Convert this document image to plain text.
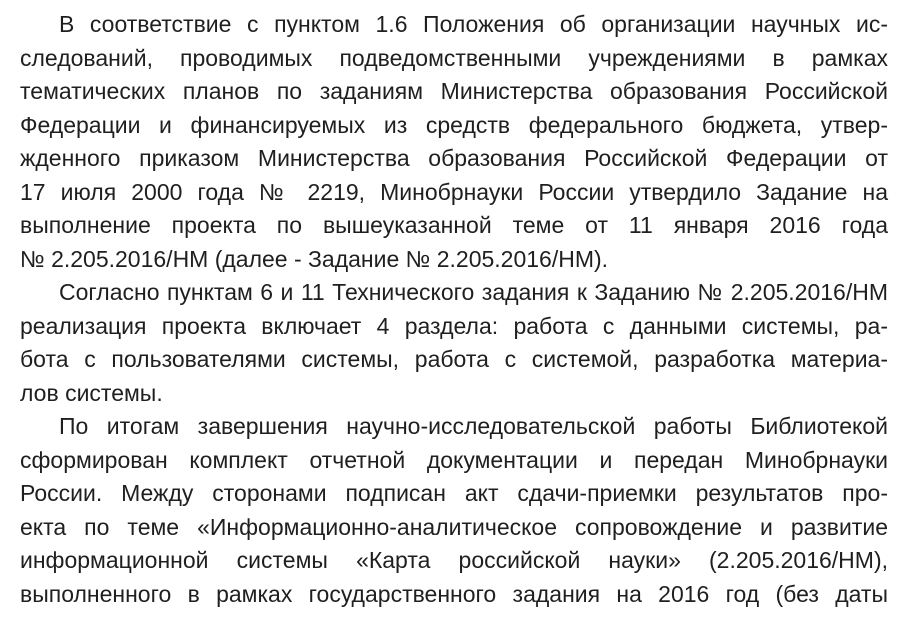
В соответствие с пунктом 1.6 Положения об организации научных ис-
следований, проводимых подведомственными учреждениями в рамках
тематических планов по заданиям Министерства образования Российской
Федерации и финансируемых из средств федерального бюджета, утвер-
жденного приказом Министерства образования Российской Федерации от
17 июля 2000 года № 2219, Минобрнауки России утвердило Задание на
выполнение проекта по вышеуказанной теме от 11 января 2016 года
№ 2.205.2016/НМ (далее - Задание № 2.205.2016/НМ).
Согласно пунктам 6 и 11 Технического задания к Заданию № 2.205.2016/НМ
реализация проекта включает 4 раздела: работа с данными системы, ра-
бота с пользователями системы, работа с системой, разработка материа-
лов системы.
По итогам завершения научно-исследовательской работы Библиотекой
сформирован комплект отчетной документации и передан Минобрнауки
России. Между сторонами подписан акт сдачи-приемки результатов про-
екта по теме «Информационно-аналитическое сопровождение и развитие
информационной системы «Карта российской науки» (2.205.2016/НМ),
выполненного в рамках государственного задания на 2016 год (без даты
